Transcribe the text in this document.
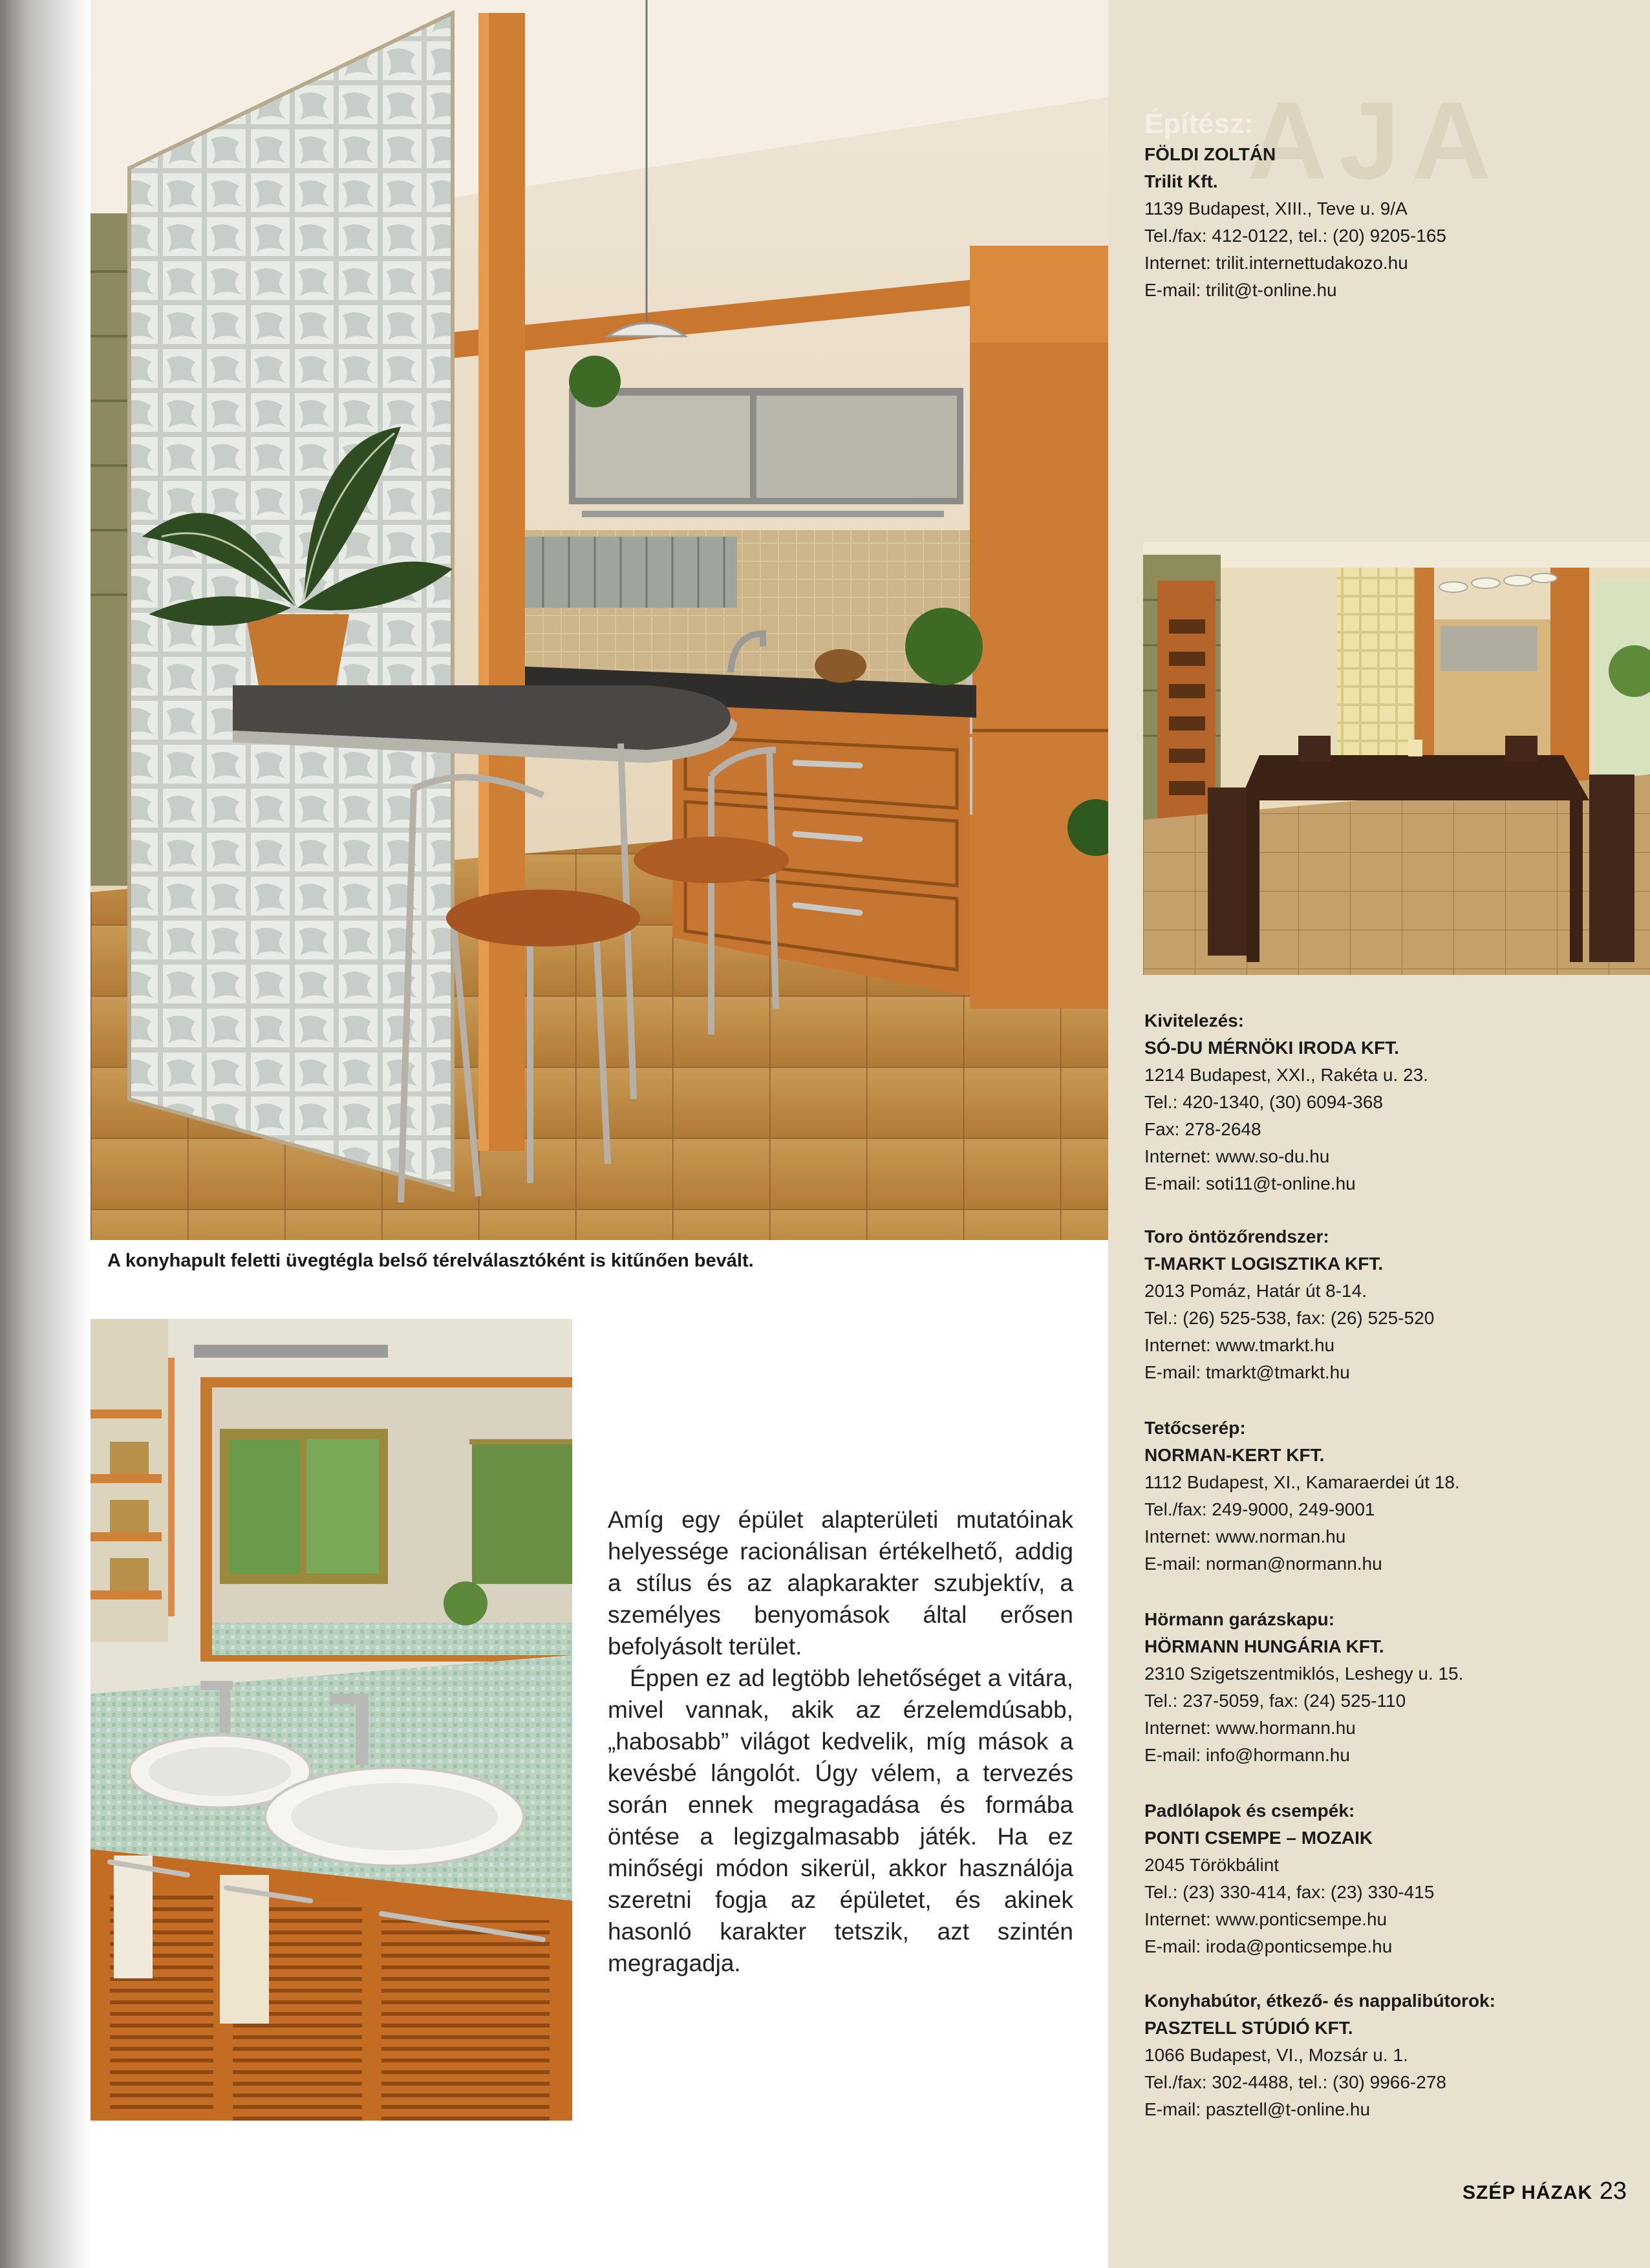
AJA
A konyhapult feletti üvegtégla belső térelválasztóként is kitűnően bevált.

Amíg egy épület alapterületi mutatóinak helyessége racionálisan értékelhető, addig a stílus és az alapkarakter szubjektív, a személyes benyomások által erősen befolyásolt terület.

Éppen ez ad legtöbb lehetőséget a vitára, mivel vannak, akik az érzelemdúsabb, „habosabb” világot kedvelik, míg mások a kevésbé lángolót. Úgy vélem, a tervezés során ennek megragadása és formába öntése a legizgalmasabb játék. Ha ez minőségi módon sikerül, akkor használója szeretni fogja az épületet, és akinek hasonló karakter tetszik, azt szintén megragadja.

Építész:

FÖLDI ZOLTÁN

Trilit Kft.

1139 Budapest, XIII., Teve u. 9/A

Tel./fax: 412-0122, tel.: (20) 9205-165

Internet: trilit.internettudakozo.hu

E-mail: trilit@t-online.hu

Kivitelezés:

SÓ-DU MÉRNÖKI IRODA KFT.

1214 Budapest, XXI., Rakéta u. 23.

Tel.: 420-1340, (30) 6094-368

Fax: 278-2648

Internet: www.so-du.hu

E-mail: soti11@t-online.hu

Toro öntözőrendszer:

T-MARKT LOGISZTIKA KFT.

2013 Pomáz, Határ út 8-14.

Tel.: (26) 525-538, fax: (26) 525-520

Internet: www.tmarkt.hu

E-mail: tmarkt@tmarkt.hu

Tetőcserép:

NORMAN-KERT KFT.

1112 Budapest, XI., Kamaraerdei út 18.

Tel./fax: 249-9000, 249-9001

Internet: www.norman.hu

E-mail: norman@normann.hu

Hörmann garázskapu:

HÖRMANN HUNGÁRIA KFT.

2310 Szigetszentmiklós, Leshegy u. 15.

Tel.: 237-5059, fax: (24) 525-110

Internet: www.hormann.hu

E-mail: info@hormann.hu

Padlólapok és csempék:

PONTI CSEMPE – MOZAIK

2045 Törökbálint

Tel.: (23) 330-414, fax: (23) 330-415

Internet: www.ponticsempe.hu

E-mail: iroda@ponticsempe.hu

Konyhabútor, étkező- és nappalibútorok:

PASZTELL STÚDIÓ KFT.

1066 Budapest, VI., Mozsár u. 1.

Tel./fax: 302-4488, tel.: (30) 9966-278

E-mail: pasztell@t-online.hu

SZÉP HÁZAK 23
